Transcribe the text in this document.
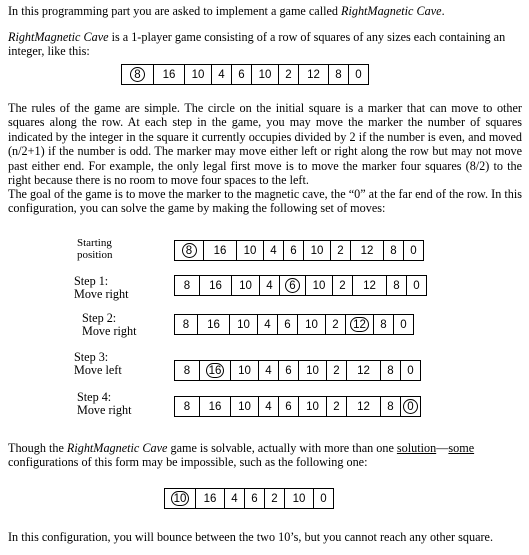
In this programming part you are asked to implement a game called RightMagnetic Cave.

RightMagnetic Cave is a 1-player game consisting of a row of squares of any sizes each containing an integer, like this:

8	16	10	4	6	10	2	12	8	0

The rules of the game are simple. The circle on the initial square is a marker that can move to other squares along the row. At each step in the game, you may move the marker the number of squares indicated by the integer in the square it currently occupies divided by 2 if the number is even, and moved (n/2+1) if the number is odd. The marker may move either left or right along the row but may not move past either end. For example, the only legal first move is to move the marker four squares (8/2) to the right because there is no room to move four spaces to the left.

The goal of the game is to move the marker to the magnetic cave, the “0” at the far end of the row. In this configuration, you can solve the game by making the following set of moves:

Starting
position	8	16	10	4	6	10	2	12	8	0
Step 1:
Move right
8	16	10	4	6	10	2	12	8	0
Step 2:
Move right	8	16	10	4	6	10	2	12	8	0
Step 3:
Move left	8	16	10	4	6	10	2	12	8	0
Step 4:
Move right	8	16	10	4	6	10	2	12	8	0

Though the RightMagnetic Cave game is solvable, actually with more than one solution—some configurations of this form may be impossible, such as the following one:

10	16	4	6	2	10	0

In this configuration, you will bounce between the two 10’s, but you cannot reach any other square.
